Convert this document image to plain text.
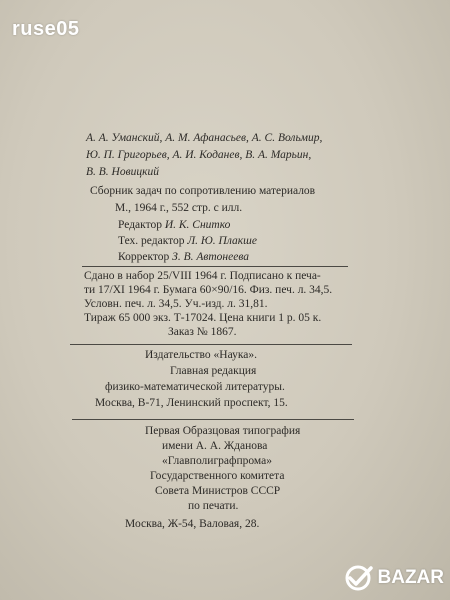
ruse05
А. А. Уманский, А. М. Афанасьев, А. С. Вольмир,
Ю. П. Григорьев, А. И. Коданев, В. А. Марьин,
В. В. Новицкий
Сборник задач по сопротивлению материалов
М., 1964 г., 552 стр. с илл.
Редактор И. К. Снитко
Тех. редактор Л. Ю. Плакше
Корректор З. В. Автонеева
Сдано в набор 25/VIII 1964 г. Подписано к печа-
ти 17/XI 1964 г. Бумага 60×90/16. Физ. печ. л. 34,5.
Условн. печ. л. 34,5. Уч.-изд. л. 31,81.
Тираж 65 000 экз. Т-17024. Цена книги 1 р. 05 к.
Заказ № 1867.
Издательство «Наука».
Главная редакция
физико-математической литературы.
Москва, В-71, Ленинский проспект, 15.
Первая Образцовая типография
имени А. А. Жданова
«Главполиграфпрома»
Государственного комитета
Совета Министров СССР
по печати.
Москва, Ж-54, Валовая, 28.
BAZAR
